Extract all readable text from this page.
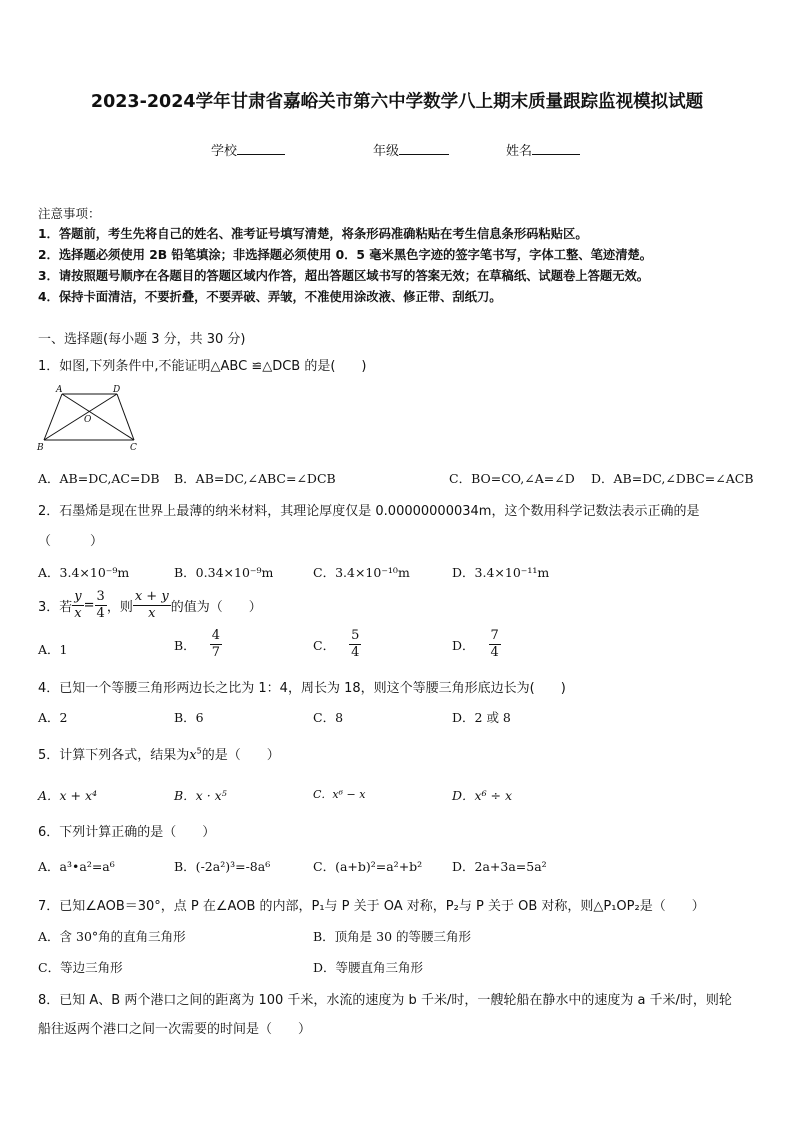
2023-2024学年甘肃省嘉峪关市第六中学数学八上期末质量跟踪监视模拟试题
学校	年级	姓名
注意事项：
1．答题前，考生先将自己的姓名、准考证号填写清楚，将条形码准确粘贴在考生信息条形码粘贴区。
2．选择题必须使用 2B 铅笔填涂；非选择题必须使用 0．5 毫米黑色字迹的签字笔书写，字体工整、笔迹清楚。
3．请按照题号顺序在各题目的答题区域内作答，超出答题区域书写的答案无效；在草稿纸、试题卷上答题无效。
4．保持卡面清洁，不要折叠，不要弄破、弄皱，不准使用涂改液、修正带、刮纸刀。
一、选择题(每小题 3 分，共 30 分)
1．如图,下列条件中,不能证明△ABC ≌△DCB 的是(　　)
A	D
O
B	C
A．AB=DC,AC=DB B．AB=DC,∠ABC=∠DCB	C．BO=CO,∠A=∠D D．AB=DC,∠DBC=∠ACB
2．石墨烯是现在世界上最薄的纳米材料，其理论厚度仅是 0.00000000034m，这个数用科学记数法表示正确的是
（　　　）
A．3.4×10⁻⁹m	B．0.34×10⁻⁹m	C．3.4×10⁻¹⁰m	D．3.4×10⁻¹¹m
3．若 $\frac{y}{x} = \frac{3}{4}$ ，则 $\frac{x + y}{x}$ 的值为（　　）
A．1	B． $\frac{4}{7}$	C． $\frac{5}{4}$	D． $\frac{7}{4}$
4．已知一个等腰三角形两边长之比为 1：4，周长为 18，则这个等腰三角形底边长为(　　)
A．2	B．6	C．8	D．2 或 8
5．计算下列各式，结果为$x^5$的是（　　）
A．x + x⁴	B．x · x⁵	C．x⁶ − x	D．x⁶ ÷ x
6．下列计算正确的是（　　）
A．a³•a²=a⁶	B．(-2a²)³=-8a⁶	C．(a+b)²=a²+b² D．2a+3a=5a²
7．已知∠AOB＝30°，点 P 在∠AOB 的内部，P₁与 P 关于 OA 对称，P₂与 P 关于 OB 对称，则△P₁OP₂是（　　）
A．含 30°角的直角三角形	B．顶角是 30 的等腰三角形
C．等边三角形	D．等腰直角三角形
8．已知 A、B 两个港口之间的距离为 100 千米，水流的速度为 b 千米/时，一艘轮船在静水中的速度为 a 千米/时，则轮
船往返两个港口之间一次需要的时间是（　　）
